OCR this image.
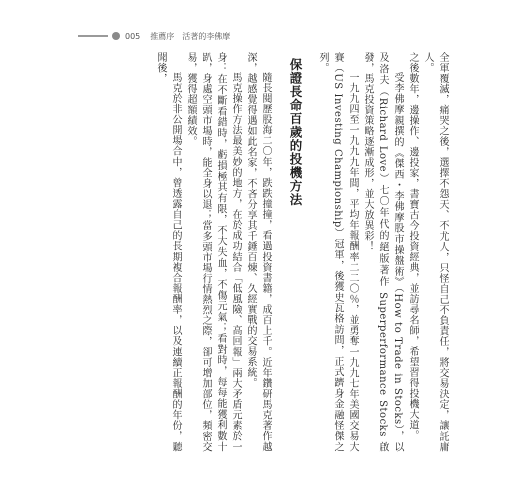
005 推薦序 活著的李佛摩

全軍覆滅，痛哭之後，選擇不怨天、不尤人，只怪自己不負責任，將交易決定，讓託庸人。

之後數年，邊操作、邊投家，書寶古今投資經典，並訪尋名師，希望習得投機大道。

受李佛摩親撰的《傑西・李佛摩股市操盤術》（How to Trade in Stocks），以及洛夫（Richard Love）七〇年代的絕版著作 Superperformance Stocks 啟發，馬克投資策略逐漸成形，並大放異彩！

一九九四至一九九九年間，平均年報酬率二二〇％，並勇奪一九九七年美國交易大賽（US Investing Championship）冠軍，後獲史瓦格訪問，正式躋身金融怪傑之列。

保證長命百歲的投機方法

隨長閱歷股海二〇年，跌跌撞撞，看過投資書籍，成百上千。近年鑽研馬克著作越深，越感覺得遇如此名家，不吝分享其千錘百煉、久經實戰的交易系統。

馬克操作方法最美妙的地方，在於成功結合「低風險、高回報」兩大矛盾元素於一身：在不斷看錯時，虧損極其有限，不大失血，不傷元氣；看對時，每每能獲利數十趴，身處空頭市場時，能全身以退；當多頭市場行情熱烈之際，卻可增加部位，頻密交易，獲得超額績效。

馬克於非公開場合中，曾透露自己的長期複合報酬率，以及連續正報酬的年份，聽聞後，
